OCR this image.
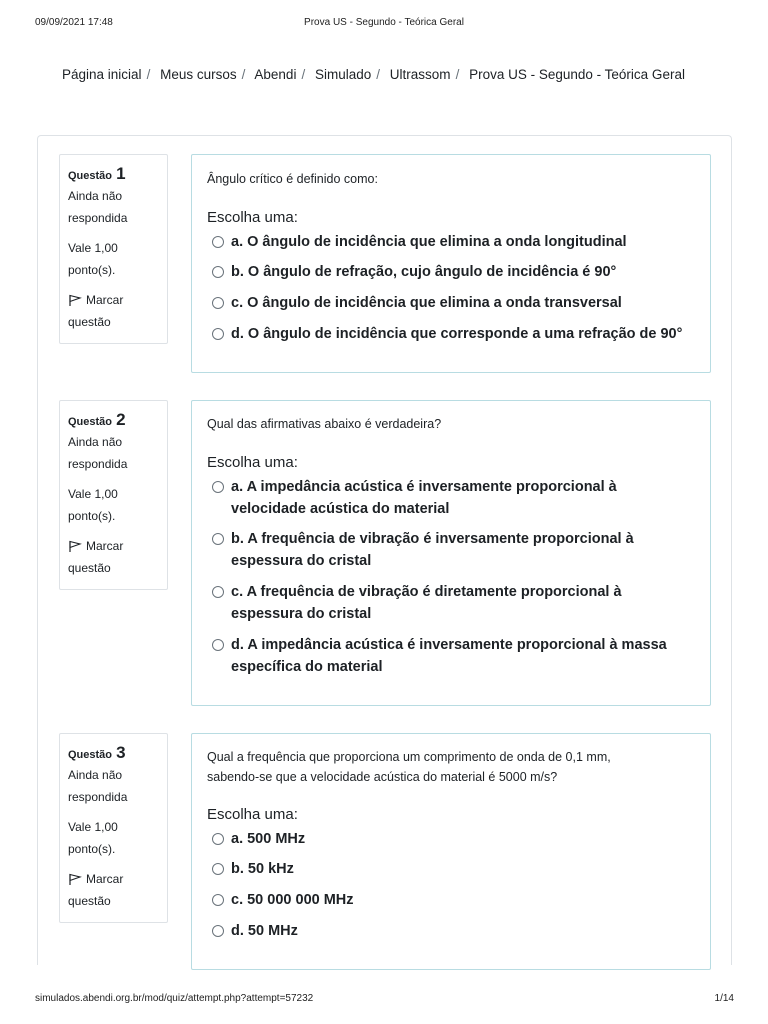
09/09/2021 17:48	Prova US - Segundo - Teórica Geral
Página inicial / Meus cursos / Abendi / Simulado / Ultrassom / Prova US - Segundo - Teórica Geral
Questão 1
Ainda não
respondida
Vale 1,00
ponto(s).
Marcar
questão
Ângulo crítico é definido como:
Escolha uma:
a. O ângulo de incidência que elimina a onda longitudinal
b. O ângulo de refração, cujo ângulo de incidência é 90°
c. O ângulo de incidência que elimina a onda transversal
d. O ângulo de incidência que corresponde a uma refração de 90°
Questão 2
Ainda não
respondida
Vale 1,00
ponto(s).
Marcar
questão
Qual das afirmativas abaixo é verdadeira?
Escolha uma:
a. A impedância acústica é inversamente proporcional à
velocidade acústica do material
b. A frequência de vibração é inversamente proporcional à
espessura do cristal
c. A frequência de vibração é diretamente proporcional à
espessura do cristal
d. A impedância acústica é inversamente proporcional à massa
específica do material
Questão 3
Ainda não
respondida
Vale 1,00
ponto(s).
Marcar
questão
Qual a frequência que proporciona um comprimento de onda de 0,1 mm,
sabendo-se que a velocidade acústica do material é 5000 m/s?
Escolha uma:
a. 500 MHz
b. 50 kHz
c. 50 000 000 MHz
d. 50 MHz
simulados.abendi.org.br/mod/quiz/attempt.php?attempt=57232	1/14
